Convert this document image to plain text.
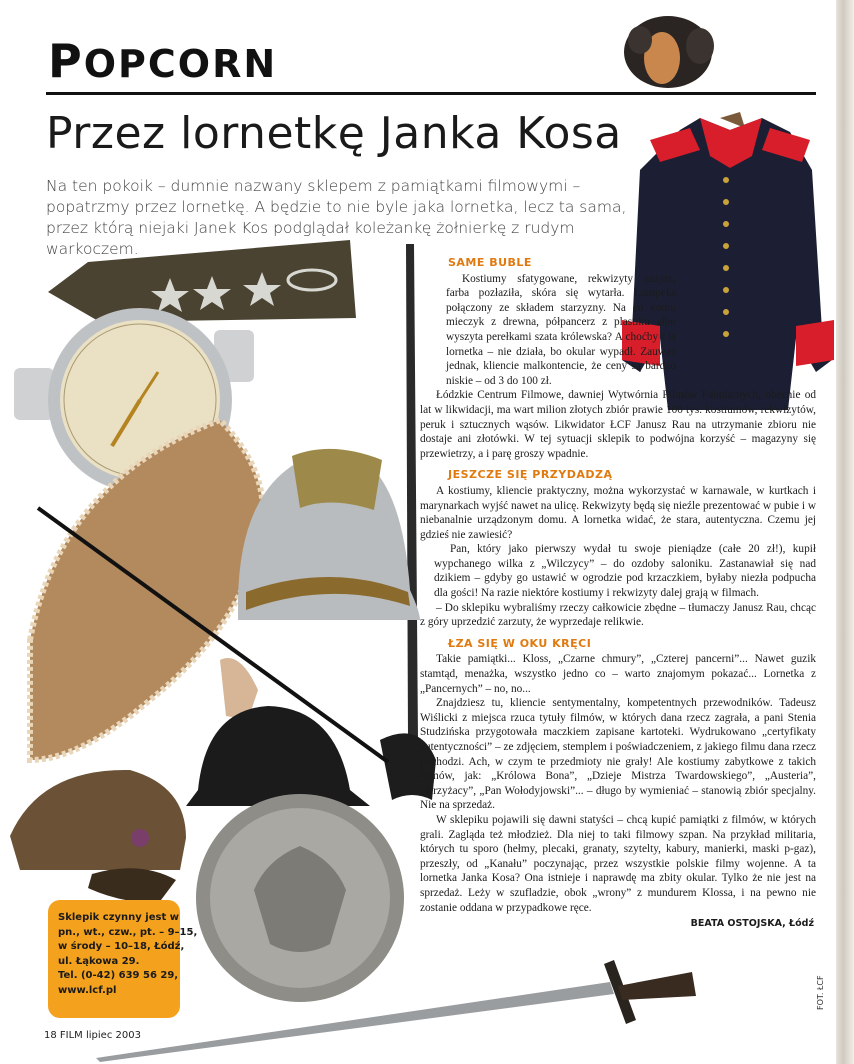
POPCORN
Przez lornetkę Janka Kosa
Na ten pokoik – dumnie nazwany sklepem z pamiątkami filmowymi – popatrzmy przez lornetkę. A będzie to nie byle jaka lornetka, lecz ta sama, przez którą niejaki Janek Kos podglądał koleżankę żołnierkę z rudym warkoczem.
SAME BUBLE

Kostiumy sfatygowane, rekwizyty zużyte, farba pozłaziła, skóra się wytarła. Lumpeks połączony ze składem starzyzny. Na co komu mieczyk z drewna, półpancerz z plastiku albo wyszyta perełkami szata królewska? A choćby i ta lornetka – nie działa, bo okular wypadł. Zauważ jednak, kliencie malkontencie, że ceny są bardzo niskie – od 3 do 100 zł.

Łódzkie Centrum Filmowe, dawniej Wytwórnia Filmów Fabularnych, obecnie od lat w likwidacji, ma wart milion złotych zbiór prawie 100 tys. kostiumów, rekwizytów, peruk i sztucznych wąsów. Likwidator ŁCF Janusz Rau na utrzymanie zbioru nie dostaje ani złotówki. W tej sytuacji sklepik to podwójna korzyść – magazyny się przewietrzy, a i parę groszy wpadnie.

JESZCZE SIĘ PRZYDADZĄ

A kostiumy, kliencie praktyczny, można wykorzystać w karnawale, w kurtkach i marynarkach wyjść nawet na ulicę. Rekwizyty będą się nieźle prezentować w pubie i w niebanalnie urządzonym domu. A lornetka widać, że stara, autentyczna. Czemu jej gdzieś nie zawiesić?

Pan, który jako pierwszy wydał tu swoje pieniądze (całe 20 zł!), kupił wypchanego wilka z „Wilczycy” – do ozdoby saloniku. Zastanawiał się nad dzikiem – gdyby go ustawić w ogrodzie pod krzaczkiem, byłaby niezła podpucha dla gości! Na razie niektóre kostiumy i rekwizyty dalej grają w filmach.

– Do sklepiku wybraliśmy rzeczy całkowicie zbędne – tłumaczy Janusz Rau, chcąc z góry uprzedzić zarzuty, że wyprzedaje relikwie.

ŁZA SIĘ W OKU KRĘCI

Takie pamiątki... Kloss, „Czarne chmury”, „Czterej pancerni”... Nawet guzik stamtąd, menażka, wszystko jedno co – warto znajomym pokazać... Lornetka z „Pancernych” – no, no...

Znajdziesz tu, kliencie sentymentalny, kompetentnych przewodników. Tadeusz Wiślicki z miejsca rzuca tytuły filmów, w których dana rzecz zagrała, a pani Stenia Studzińska przygotowała maczkiem zapisane kartoteki. Wydrukowano „certyfikaty autentyczności” – ze zdjęciem, stemplem i poświadczeniem, z jakiego filmu dana rzecz pochodzi. Ach, w czym te przedmioty nie grały! Ale kostiumy zabytkowe z takich filmów, jak: „Królowa Bona”, „Dzieje Mistrza Twardowskiego”, „Austeria”, „Krzyżacy”, „Pan Wołodyjowski”... – długo by wymieniać – stanowią zbiór specjalny. Nie na sprzedaż.

W sklepiku pojawili się dawni statyści – chcą kupić pamiątki z filmów, w których grali. Zagląda też młodzież. Dla niej to taki filmowy szpan. Na przykład militaria, których tu sporo (hełmy, plecaki, granaty, szytelty, kabury, manierki, maski p-gaz), przeszły, od „Kanału” poczynając, przez wszystkie polskie filmy wojenne. A ta lornetka Janka Kosa? Ona istnieje i naprawdę ma zbity okular. Tylko że nie jest na sprzedaż. Leży w szufladzie, obok „wrony” z mundurem Klossa, i na pewno nie zostanie oddana w przypadkowe ręce.

BEATA OSTOJSKA, Łódź
Sklepik czynny jest w
pn., wt., czw., pt. – 9–15,
w środy – 10–18, Łódź,
ul. Łąkowa 29.
Tel. (0-42) 639 56 29,
www.lcf.pl
18 FILM lipiec 2003
FOT. ŁCF
